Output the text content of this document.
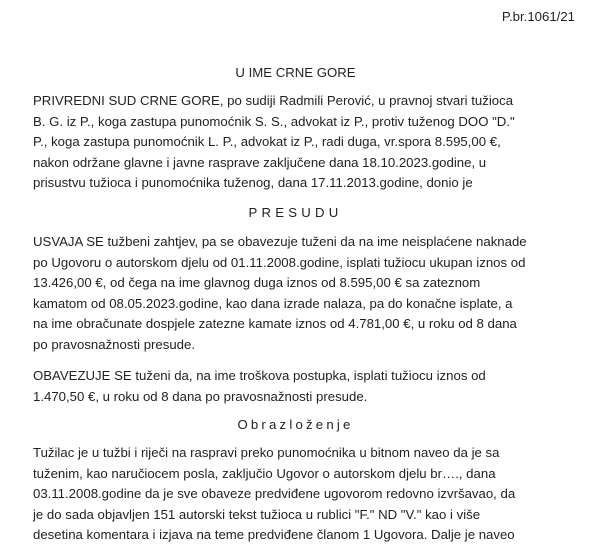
P.br.1061/21
U IME CRNE GORE
PRIVREDNI SUD CRNE GORE, po sudiji Radmili Perović, u pravnoj stvari tužioca
B. G. iz P., koga zastupa punomoćnik S. S., advokat iz P., protiv tuženog DOO "D."
P., koga zastupa punomoćnik L. P., advokat iz P., radi duga, vr.spora 8.595,00 €,
nakon održane glavne i javne rasprave zaključene dana 18.10.2023.godine, u
prisustvu tužioca i punomoćnika tuženog, dana 17.11.2013.godine, donio je
PRESUDU
USVAJA SE tužbeni zahtjev, pa se obavezuje tuženi da na ime neisplaćene naknade
po Ugovoru o autorskom djelu od 01.11.2008.godine, isplati tužiocu ukupan iznos od
13.426,00 €, od čega na ime glavnog duga iznos od 8.595,00 € sa zateznom
kamatom od 08.05.2023.godine, kao dana izrade nalaza, pa do konačne isplate, a
na ime obračunate dospjele zatezne kamate iznos od 4.781,00 €, u roku od 8 dana
po pravosnažnosti presude.
OBAVEZUJE SE tuženi da, na ime troškova postupka, isplati tužiocu iznos od
1.470,50 €, u roku od 8 dana po pravosnažnosti presude.
Obrazloženje
Tužilac je u tužbi i riječi na raspravi preko punomoćnika u bitnom naveo da je sa
tuženim, kao naručiocem posla, zaključio Ugovor o autorskom djelu br…., dana
03.11.2008.godine da je sve obaveze predviđene ugovorom redovno izvršavao, da
je do sada objavljen 151 autorski tekst tužioca u rublici "F." ND "V." kao i više
desetina komentara i izjava na teme predviđene članom 1 Ugovora. Dalje je naveo
